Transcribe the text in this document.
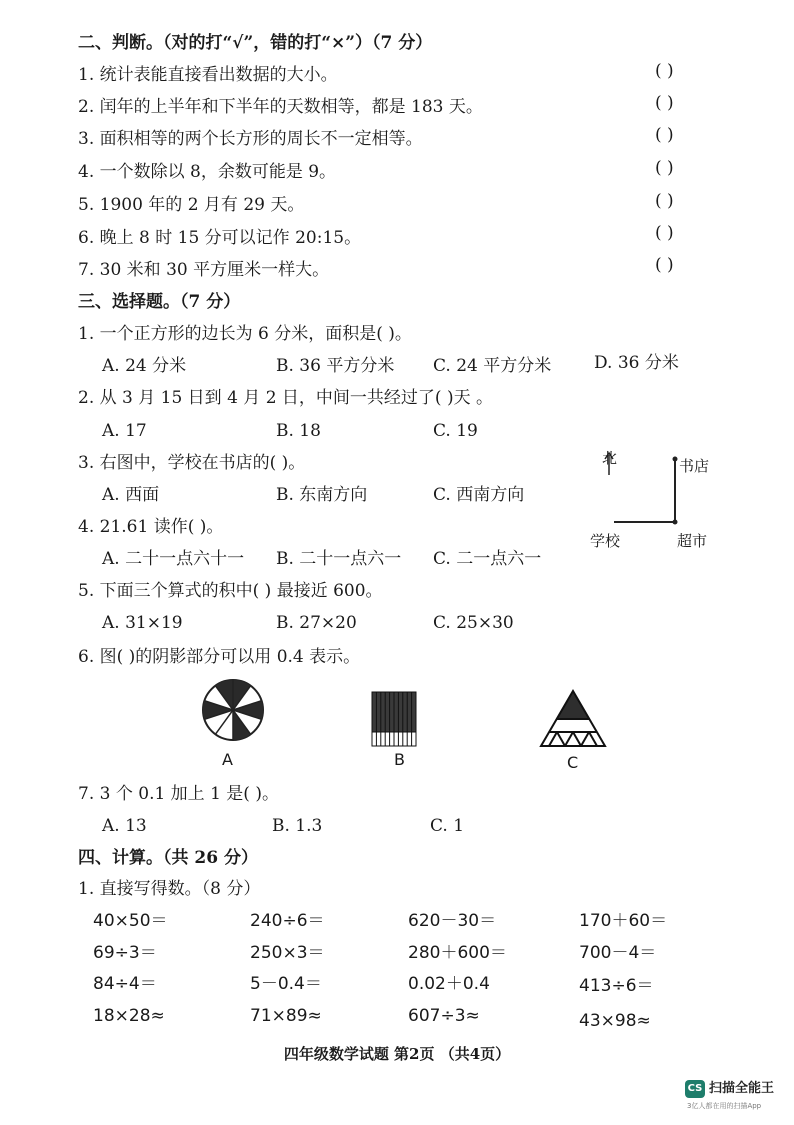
二、判断。（对的打“√”，错的打“×”）（7 分）
1. 统计表能直接看出数据的大小。	( )
2. 闰年的上半年和下半年的天数相等，都是 183 天。	( )
3. 面积相等的两个长方形的周长不一定相等。	( )
4. 一个数除以 8，余数可能是 9。	( )
5. 1900 年的 2 月有 29 天。	( )
6. 晚上 8 时 15 分可以记作 20:15。	( )
7. 30 米和 30 平方厘米一样大。	( )
三、选择题。（7 分）
1. 一个正方形的边长为 6 分米，面积是( )。
A. 24 分米	B. 36 平方分米 C. 24 平方分米	D. 36 分米
2. 从 3 月 15 日到 4 月 2 日，中间一共经过了( )天 。
A. 17	B. 18	C. 19
3. 右图中，学校在书店的( )。
A. 西面	B. 东南方向	C. 西南方向
北	书店
学校	超市
4. 21.61 读作( )。
A. 二十一点六十一 B. 二十一点六一 C. 二一点六一
5. 下面三个算式的积中( ) 最接近 600。
A. 31×19	B. 27×20	C. 25×30
6. 图( )的阴影部分可以用 0.4 表示。
A	B	C
7. 3 个 0.1 加上 1 是( )。
A. 13	B. 1.3	C. 1
四、计算。（共 26 分）
1. 直接写得数。（8 分）
40×50＝	240÷6＝	620－30＝	170＋60＝
69÷3＝	250×3＝	280＋600＝	700－4＝
84÷4＝	5－0.4＝	0.02＋0.4	413÷6＝
18×28≈	71×89≈	607÷3≈	43×98≈
四年级数学试题 第2页 （共4页）
CS 扫描全能王
3亿人都在用的扫描App
